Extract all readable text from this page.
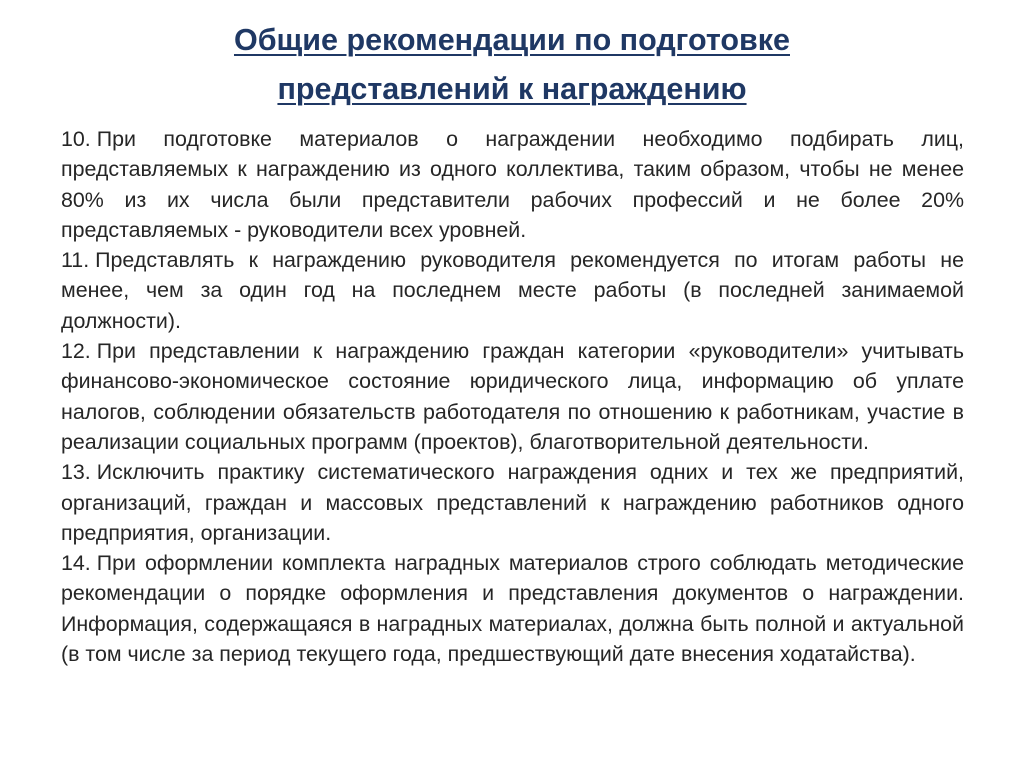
Общие рекомендации по подготовке
представлений к награждению

10. При подготовке материалов о награждении необходимо подбирать лиц, представляемых к награждению из одного коллектива, таким образом, чтобы не менее 80% из их числа были представители рабочих профессий и не более 20% представляемых - руководители всех уровней.

11. Представлять к награждению руководителя рекомендуется по итогам работы не менее, чем за один год на последнем месте работы (в последней занимаемой должности).

12. При представлении к награждению граждан категории «руководители» учитывать финансово-экономическое состояние юридического лица, информацию об уплате налогов, соблюдении обязательств работодателя по отношению к работникам, участие в реализации социальных программ (проектов), благотворительной деятельности.

13. Исключить практику систематического награждения одних и тех же предприятий, организаций, граждан и массовых представлений к награждению работников одного предприятия, организации.

14. При оформлении комплекта наградных материалов строго соблюдать методические рекомендации о порядке оформления и представления документов о награждении. Информация, содержащаяся в наградных материалах, должна быть полной и актуальной (в том числе за период текущего года, предшествующий дате внесения ходатайства).
